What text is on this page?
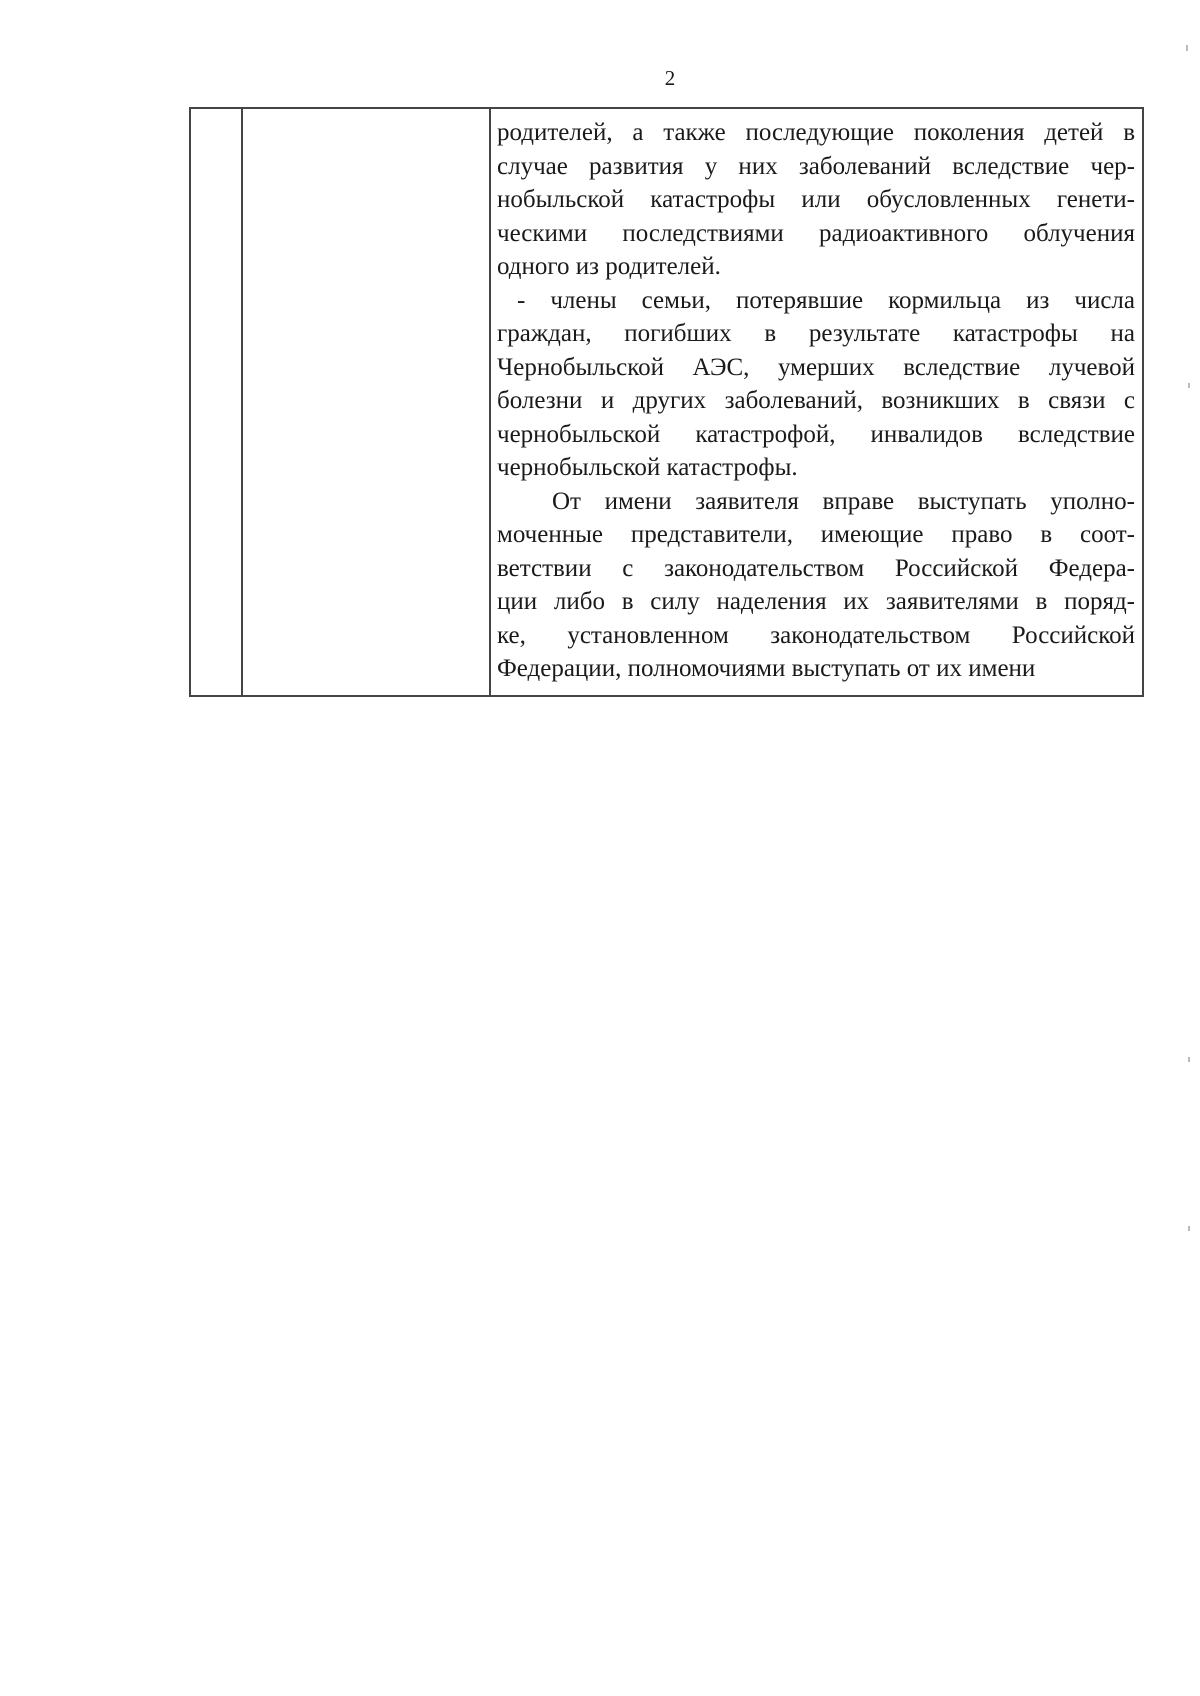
2
родителей, а также последующие поколения детей в
случае развития у них заболеваний вследствие чер-
нобыльской катастрофы или обусловленных генети-
ческими последствиями радиоактивного облучения
одного из родителей.
- члены семьи, потерявшие кормильца из числа
граждан, погибших в результате катастрофы на
Чернобыльской АЭС, умерших вследствие лучевой
болезни и других заболеваний, возникших в связи с
чернобыльской катастрофой, инвалидов вследствие
чернобыльской катастрофы.
От имени заявителя вправе выступать уполно-
моченные представители, имеющие право в соот-
ветствии с законодательством Российской Федера-
ции либо в силу наделения их заявителями в поряд-
ке, установленном законодательством Российской
Федерации, полномочиями выступать от их имени
